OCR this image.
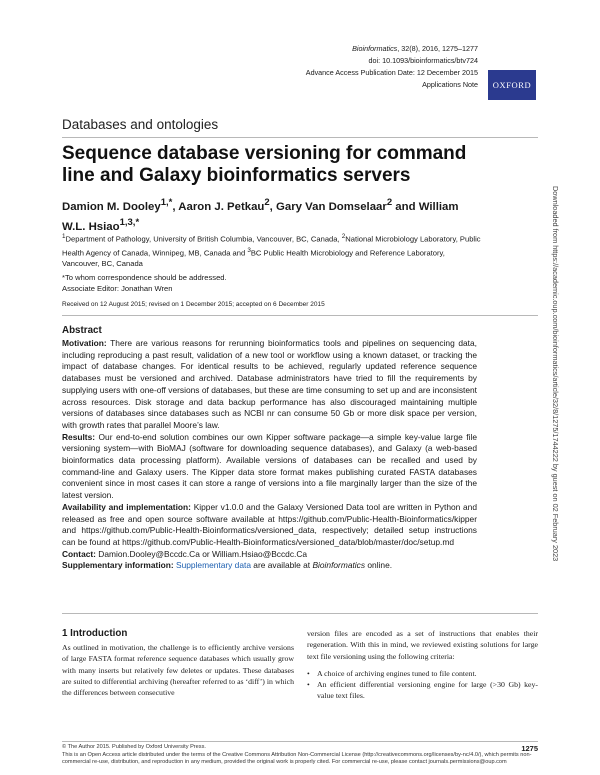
Bioinformatics, 32(8), 2016, 1275–1277
doi: 10.1093/bioinformatics/btv724
Advance Access Publication Date: 12 December 2015
Applications Note	OXFORD
Databases and ontologies
Sequence database versioning for command line and Galaxy bioinformatics servers
Damion M. Dooley$^{1,*}$, Aaron J. Petkau$^2$, Gary Van Domselaar$^2$ and William W.L. Hsiao$^{1,3,*}$
$^1$Department of Pathology, University of British Columbia, Vancouver, BC, Canada, $^2$National Microbiology Laboratory, Public Health Agency of Canada, Winnipeg, MB, Canada and $^3$BC Public Health Microbiology and Reference Laboratory, Vancouver, BC, Canada
*To whom correspondence should be addressed.
Associate Editor: Jonathan Wren
Received on 12 August 2015; revised on 1 December 2015; accepted on 6 December 2015
Abstract

Motivation: There are various reasons for rerunning bioinformatics tools and pipelines on sequencing data, including reproducing a past result, validation of a new tool or workflow using a known dataset, or tracking the impact of database changes. For identical results to be achieved, regularly updated reference sequence databases must be versioned and archived. Database administrators have tried to fill the requirements by supplying users with one-off versions of databases, but these are time consuming to set up and are inconsistent across resources. Disk storage and data backup performance has also discouraged maintaining multiple versions of databases since databases such as NCBI nr can consume 50 Gb or more disk space per version, with growth rates that parallel Moore’s law.

Results: Our end-to-end solution combines our own Kipper software package—a simple key-value large file versioning system—with BioMAJ (software for downloading sequence databases), and Galaxy (a web-based bioinformatics data processing platform). Available versions of databases can be recalled and used by command-line and Galaxy users. The Kipper data store format makes publishing curated FASTA databases convenient since in most cases it can store a range of versions into a file marginally larger than the size of the latest version.

Availability and implementation: Kipper v1.0.0 and the Galaxy Versioned Data tool are written in Python and released as free and open source software available at https://github.com/Public-Health-Bioinformatics/kipper and https://github.com/Public-Health-Bioinformatics/versioned_data, respectively; detailed setup instructions can be found at https://github.com/Public-Health-Bioinformatics/versioned_data/blob/master/doc/setup.md

Contact: Damion.Dooley@Bccdc.Ca or William.Hsiao@Bccdc.Ca

Supplementary information: Supplementary data are available at Bioinformatics online.

1 Introduction

As outlined in motivation, the challenge is to efficiently archive versions of large FASTA format reference sequence databases which usually grow with many inserts but relatively few deletes or updates. These databases are suited to differential archiving (hereafter referred to as ‘diff’) in which the differences between consecutive

version files are encoded as a set of instructions that enables their regeneration. With this in mind, we reviewed existing solutions for large text file versioning using the following criteria:

• A choice of archiving engines tuned to file content.
• An efficient differential versioning engine for large (>30 Gb) key-value text files.
© The Author 2015. Published by Oxford University Press.
This is an Open Access article distributed under the terms of the Creative Commons Attribution Non-Commercial License (http://creativecommons.org/licenses/by-nc/4.0/), which permits non-commercial re-use, distribution, and reproduction in any medium, provided the original work is properly cited. For commercial re-use, please contact journals.permissions@oup.com
1275
Downloaded from https://academic.oup.com/bioinformatics/article/32/8/1275/1744222 by guest on 02 February 2023
